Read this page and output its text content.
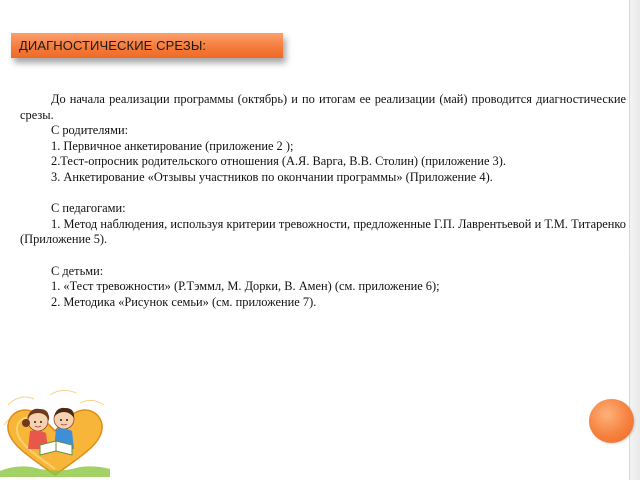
ДИАГНОСТИЧЕСКИЕ СРЕЗЫ:

До начала реализации программы (октябрь) и по итогам ее реализации (май) проводится диагностические срезы.

С родителями:

1. Первичное анкетирование (приложение 2 );

2.Тест-опросник родительского отношения (А.Я. Варга, В.В. Столин) (приложение 3).

3. Анкетирование «Отзывы участников по окончании программы» (Приложение 4).

С педагогами:

1. Метод наблюдения, используя критерии тревожности, предложенные Г.П. Лаврентьевой и Т.М. Титаренко (Приложение 5).

С детьми:

1. «Тест тревожности» (Р.Тэммл, М. Дорки, В. Амен) (см. приложение 6);

2. Методика «Рисунок семьи» (см. приложение 7).
